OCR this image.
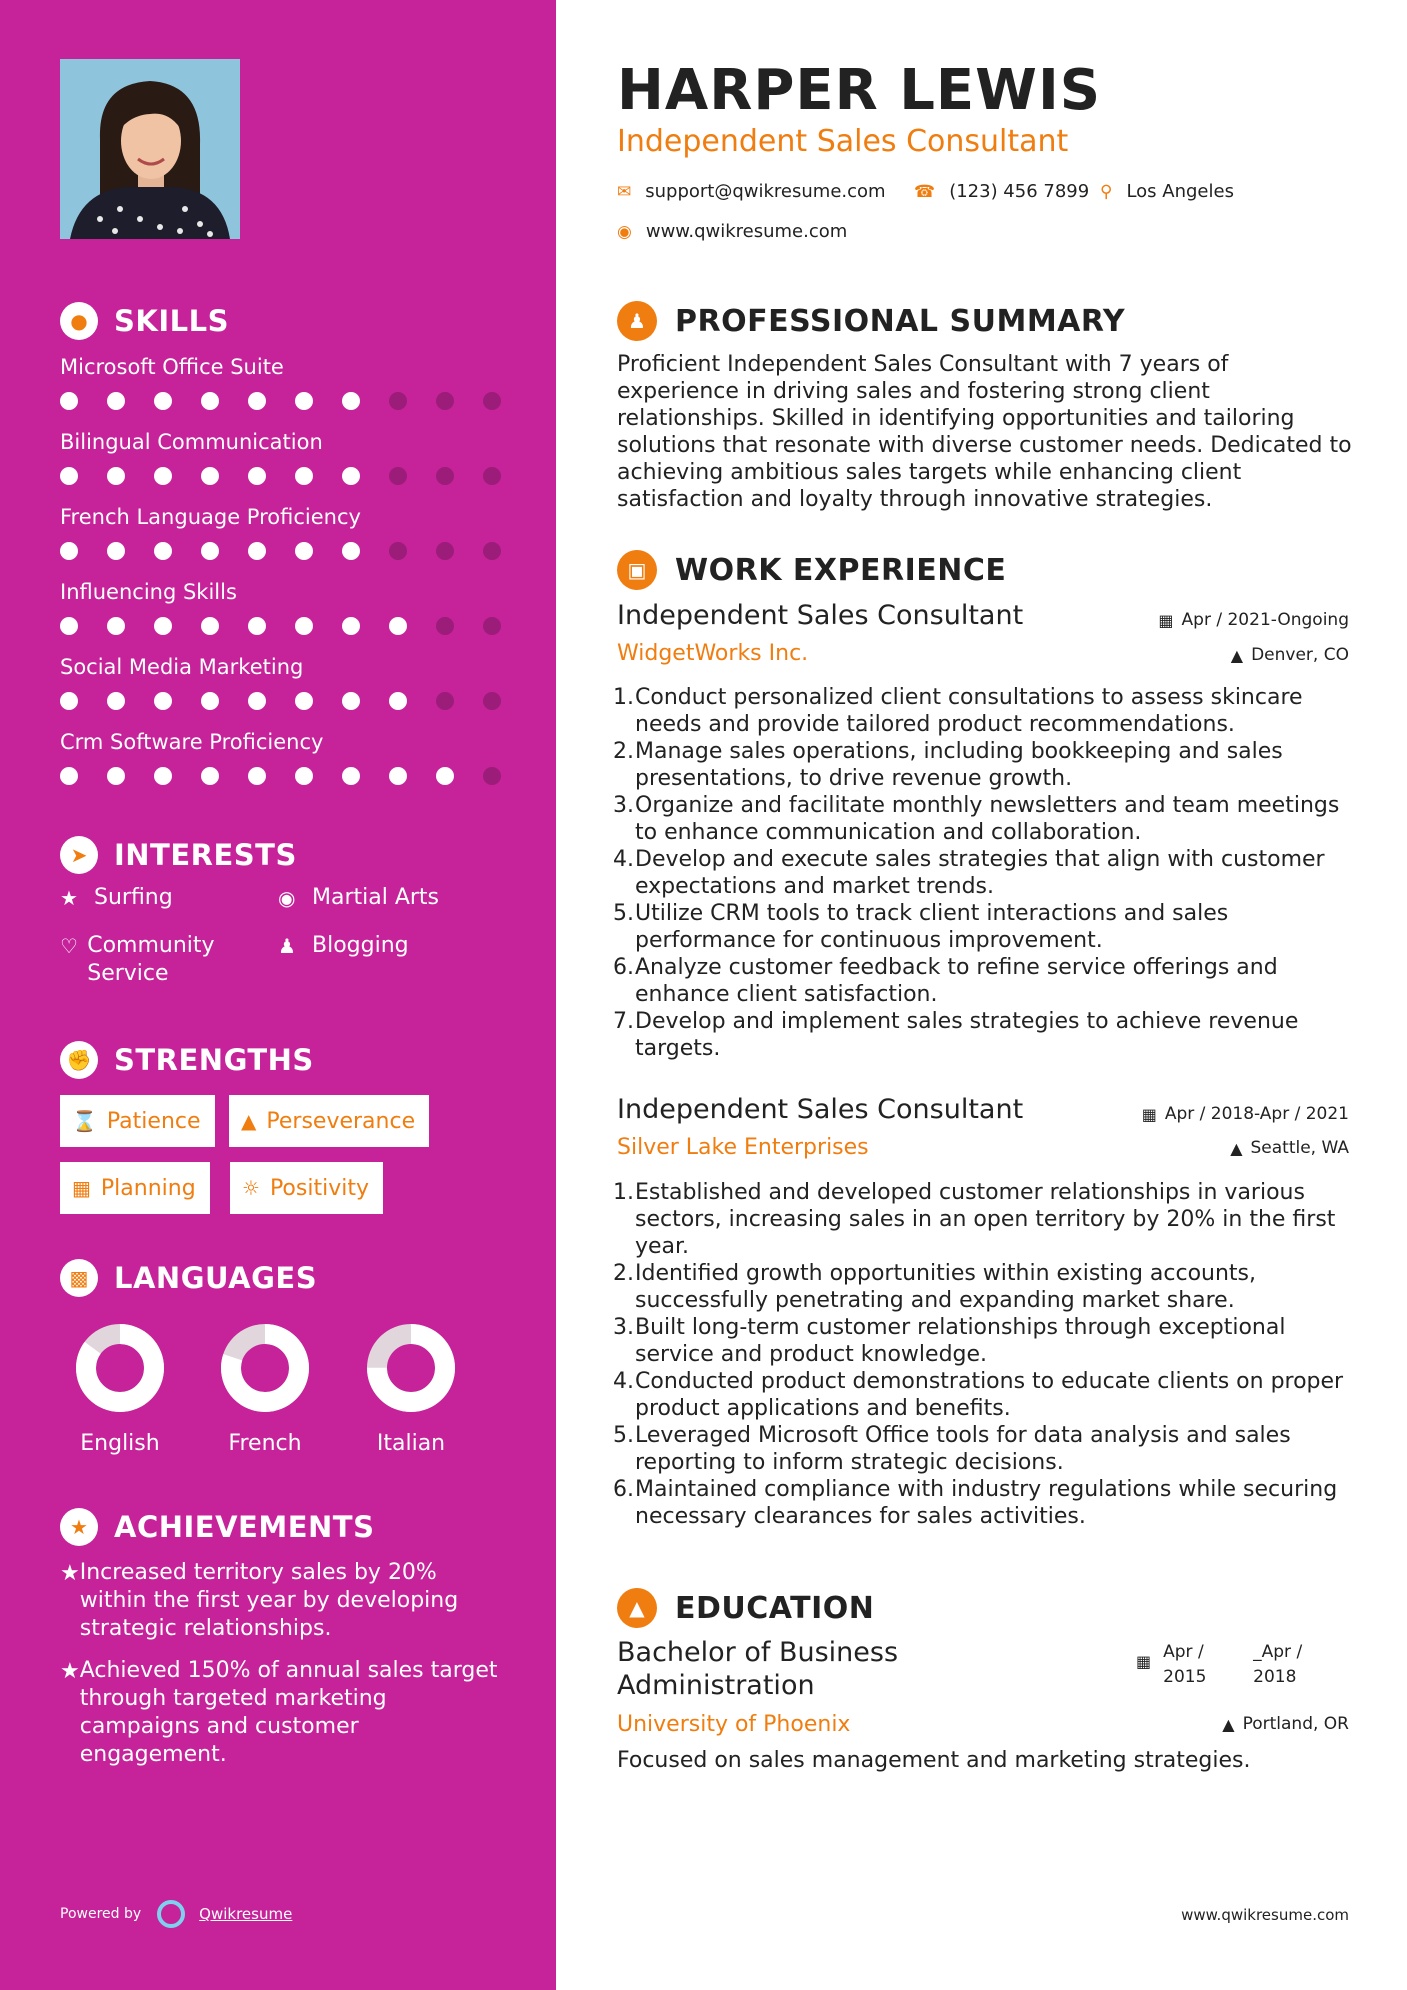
● SKILLS
Microsoft Office Suite
Bilingual Communication
French Language Proficiency
Influencing Skills
Social Media Marketing
Crm Software Proficiency
➤ INTERESTS
★ Surfing	◉ Martial Arts
♡ Community Service
♟ Blogging
✊ STRENGTHS
⌛ Patience ▲ Perseverance
▦ Planning ☼ Positivity
▩ LANGUAGES
English	French	Italian
★ ACHIEVEMENTS
★ Increased territory sales by 20% within the first year by developing strategic relationships.
★ Achieved 150% of annual sales target through targeted marketing campaigns and customer engagement.
Powered by	Qwikresume
HARPER LEWIS
Independent Sales Consultant
✉ support@qwikresume.com ☎ (123) 456 7899 ⚲ Los Angeles
◉ www.qwikresume.com
♟ PROFESSIONAL SUMMARY
Proficient Independent Sales Consultant with 7 years of experience in driving sales and fostering strong client relationships. Skilled in identifying opportunities and tailoring solutions that resonate with diverse customer needs. Dedicated to achieving ambitious sales targets while enhancing client satisfaction and loyalty through innovative strategies.
▣ WORK EXPERIENCE
Independent Sales Consultant	▦ Apr / 2021-Ongoing
WidgetWorks Inc.	▲ Denver, CO
Conduct personalized client consultations to assess skincare needs and provide tailored product recommendations.
Manage sales operations, including bookkeeping and sales presentations, to drive revenue growth.
Organize and facilitate monthly newsletters and team meetings to enhance communication and collaboration.
Develop and execute sales strategies that align with customer expectations and market trends.
Utilize CRM tools to track client interactions and sales performance for continuous improvement.
Analyze customer feedback to refine service offerings and enhance client satisfaction.
Develop and implement sales strategies to achieve revenue targets.
Independent Sales Consultant	▦ Apr / 2018-Apr / 2021
Silver Lake Enterprises	▲ Seattle, WA
Established and developed customer relationships in various sectors, increasing sales in an open territory by 20% in the first year.
Identified growth opportunities within existing accounts, successfully penetrating and expanding market share.
Built long-term customer relationships through exceptional service and product knowledge.
Conducted product demonstrations to educate clients on proper product applications and benefits.
Leveraged Microsoft Office tools for data analysis and sales reporting to inform strategic decisions.
Maintained compliance with industry regulations while securing necessary clearances for sales activities.
▲	EDUCATION
Bachelor of Business
Administration
▦ Apr /
2015
_Apr /
2018
University of Phoenix	▲ Portland, OR
Focused on sales management and marketing strategies.
www.qwikresume.com
